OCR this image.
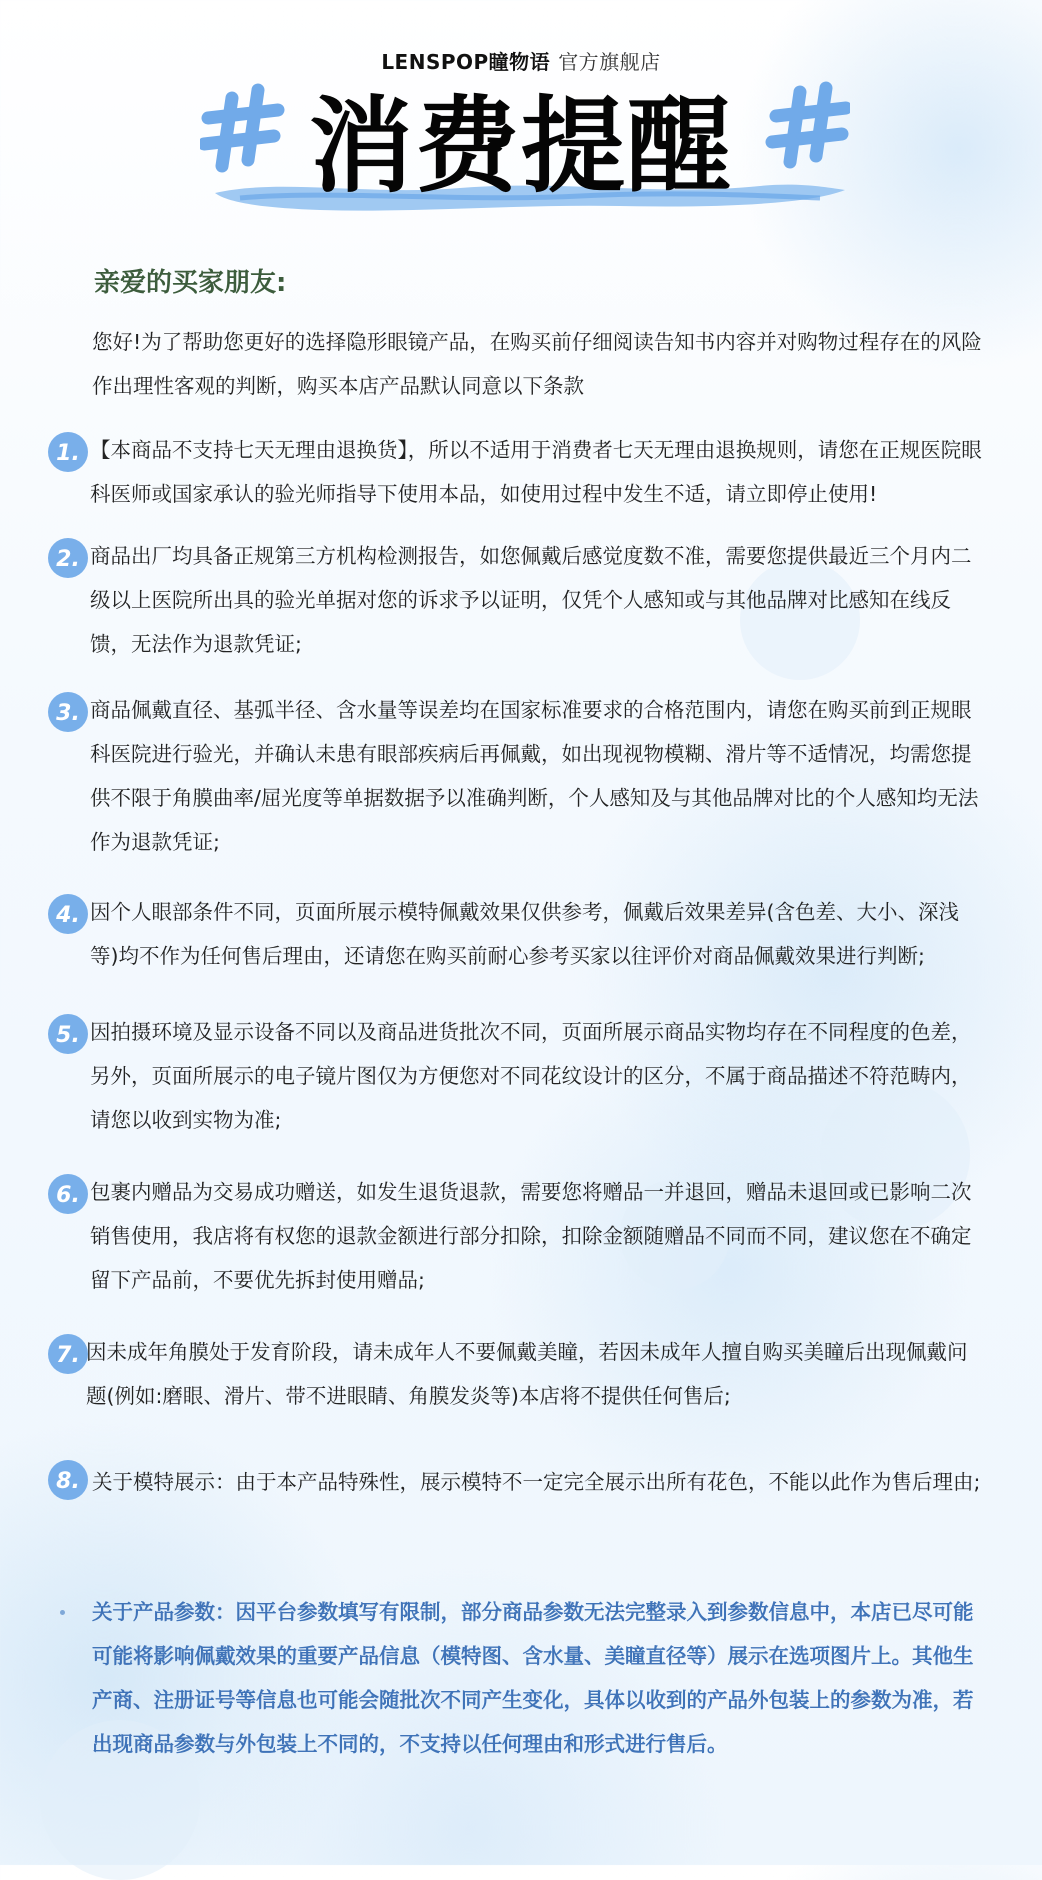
LENSPOP瞳物语 官方旗舰店
消费提醒
亲爱的买家朋友:
您好!为了帮助您更好的选择隐形眼镜产品，在购买前仔细阅读告知书内容并对购物过程存在的风险作出理性客观的判断，购买本店产品默认同意以下条款
1. 【本商品不支持七天无理由退换货】，所以不适用于消费者七天无理由退换规则，请您在正规医院眼科医师或国家承认的验光师指导下使用本品，如使用过程中发生不适，请立即停止使用!
2. 商品出厂均具备正规第三方机构检测报告，如您佩戴后感觉度数不准，需要您提供最近三个月内二级以上医院所出具的验光单据对您的诉求予以证明，仅凭个人感知或与其他品牌对比感知在线反馈，无法作为退款凭证;
3. 商品佩戴直径、基弧半径、含水量等误差均在国家标准要求的合格范围内，请您在购买前到正规眼科医院进行验光，并确认未患有眼部疾病后再佩戴，如出现视物模糊、滑片等不适情况，均需您提供不限于角膜曲率/屈光度等单据数据予以准确判断，个人感知及与其他品牌对比的个人感知均无法作为退款凭证;
4. 因个人眼部条件不同，页面所展示模特佩戴效果仅供参考，佩戴后效果差异(含色差、大小、深浅等)均不作为任何售后理由，还请您在购买前耐心参考买家以往评价对商品佩戴效果进行判断;
5. 因拍摄环境及显示设备不同以及商品进货批次不同，页面所展示商品实物均存在不同程度的色差，另外，页面所展示的电子镜片图仅为方便您对不同花纹设计的区分，不属于商品描述不符范畴内，请您以收到实物为准;
6. 包裹内赠品为交易成功赠送，如发生退货退款，需要您将赠品一并退回，赠品未退回或已影响二次销售使用，我店将有权您的退款金额进行部分扣除，扣除金额随赠品不同而不同，建议您在不确定留下产品前，不要优先拆封使用赠品;
7. 因未成年角膜处于发育阶段，请未成年人不要佩戴美瞳，若因未成年人擅自购买美瞳后出现佩戴问题(例如:磨眼、滑片、带不进眼睛、角膜发炎等)本店将不提供任何售后;
8. 关于模特展示：由于本产品特殊性，展示模特不一定完全展示出所有花色，不能以此作为售后理由;
关于产品参数：因平台参数填写有限制，部分商品参数无法完整录入到参数信息中，本店已尽可能可能将影响佩戴效果的重要产品信息（模特图、含水量、美瞳直径等）展示在选项图片上。其他生产商、注册证号等信息也可能会随批次不同产生变化，具体以收到的产品外包装上的参数为准，若出现商品参数与外包装上不同的，不支持以任何理由和形式进行售后。
